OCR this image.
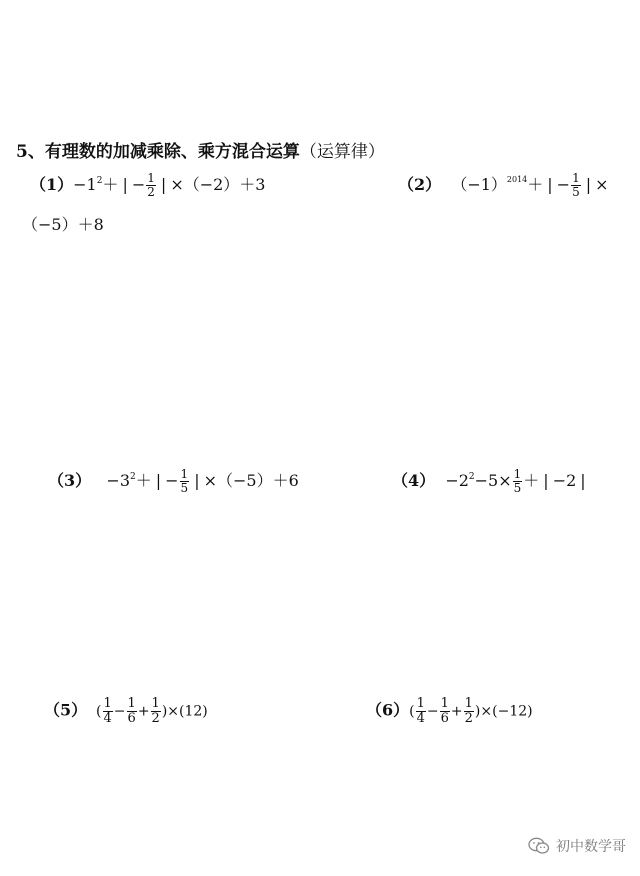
5、有理数的加减乘除、乘方混合运算（运算律）
$(1)-1^2+$ | − $\frac{1}{2}$ | ×（−2）＋3	（2） $(-1)^{2014}+$ | − $\frac{1}{5}$ | ×
（−5）＋8
$(3) -3^2+$ | − $\frac{1}{5}$ | ×（−5）＋6	$(4) -2^2-5\times \frac{1}{5}$ ＋ | −2 |
（5）  ( $\frac{1}{4} - \frac{1}{6} + \frac{1}{2} )\times(12)$	$(6)( \frac{1}{4} - \frac{1}{6} + \frac{1}{2} )\times(-12)$
初中数学哥
